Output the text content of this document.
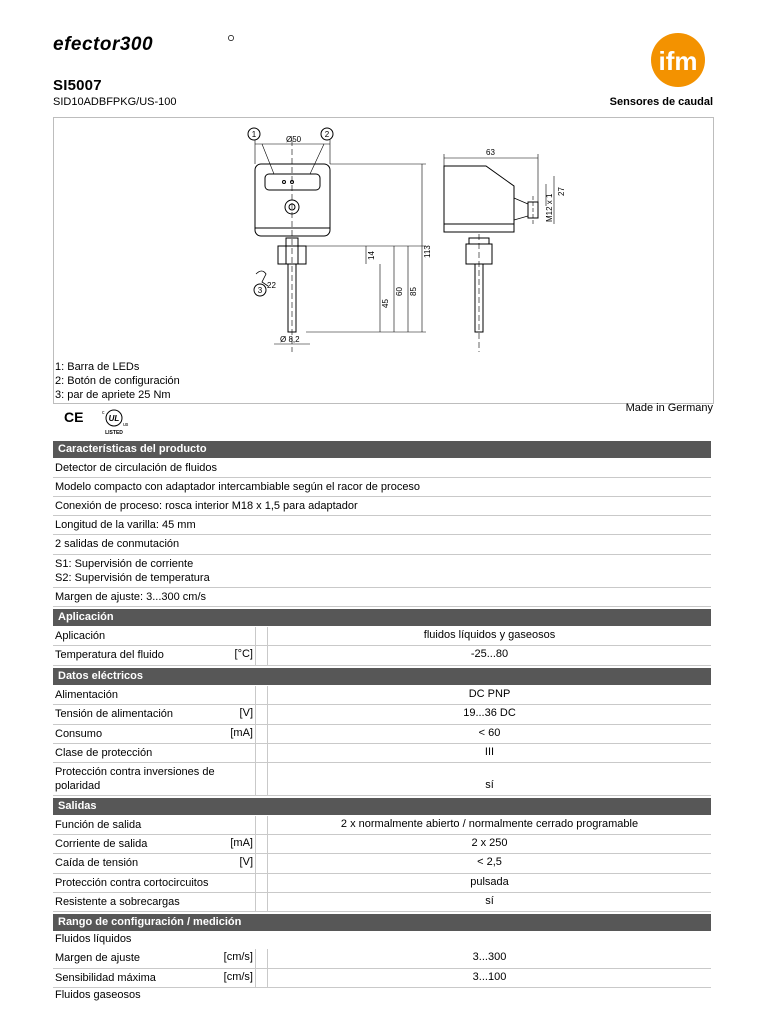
efector300
SI5007
SID10ADBFPKG/US-100	Sensores de caudal
ifm
1	2
3
Ø50
63
27
M12 x 1
14
45
60 85
113
22
Ø 8,2
1: Barra de LEDs
2: Botón de configuración
3: par de apriete 25 Nm
Made in Germany
CE	c
UL
us
LISTED
Características del producto
Detector de circulación de fluidos
Modelo compacto con adaptador intercambiable según el racor de proceso
Conexión de proceso: rosca interior M18 x 1,5 para adaptador
Longitud de la varilla: 45 mm
2 salidas de conmutación
S1: Supervisión de corriente
S2: Supervisión de temperatura
Margen de ajuste: 3...300 cm/s
Aplicación
Aplicación	fluidos líquidos y gaseosos
Temperatura del fluido	[°C]	-25...80
Datos eléctricos
Alimentación	DC PNP
Tensión de alimentación	[V]	19...36 DC
Consumo	[mA]	< 60
Clase de protección	III
Protección contra inversiones de
polaridad	sí
Salidas
Función de salida	2 x normalmente abierto / normalmente cerrado programable
Corriente de salida	[mA]	2 x 250
Caída de tensión	[V]	< 2,5
Protección contra cortocircuitos	pulsada
Resistente a sobrecargas	sí
Rango de configuración / medición
Fluidos líquidos
Margen de ajuste	[cm/s]	3...300
Sensibilidad máxima	[cm/s]	3...100
Fluidos gaseosos
